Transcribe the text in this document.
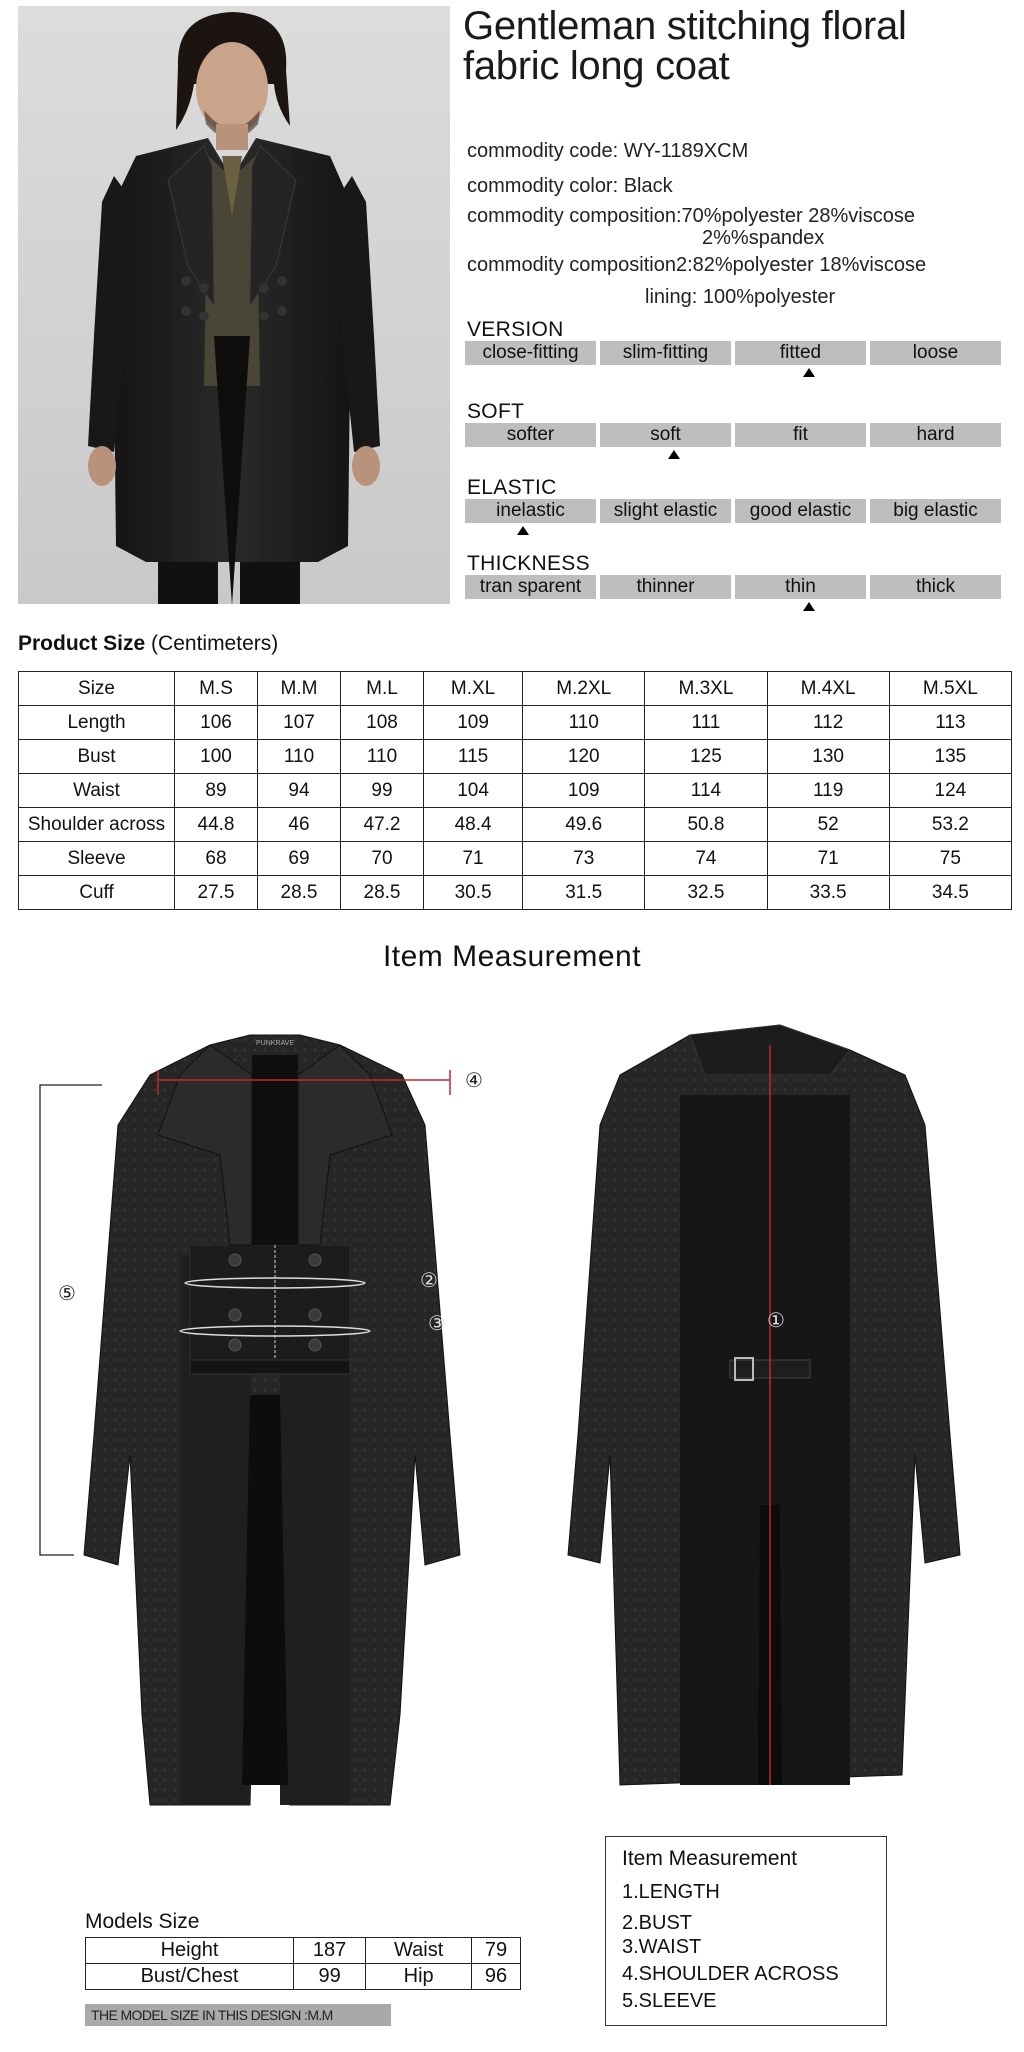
Gentleman stitching floral fabric long coat
commodity code: WY-1189XCM
commodity color: Black
commodity composition:70%polyester 28%viscose
2%%spandex
commodity composition2:82%polyester 18%viscose
lining: 100%polyester
VERSION
close-fitting	slim-fitting	fitted	loose
SOFT
softer	soft	fit	hard
ELASTIC
inelastic	slight elastic	good elastic	big elastic
THICKNESS
tran sparent	thinner	thin	thick
Product Size (Centimeters)
Size	M.S	M.M	M.L	M.XL	M.2XL	M.3XL	M.4XL	M.5XL
Length	106	107	108	109	110	111	112	113
Bust	100	110	110	115	120	125	130	135
Waist	89	94	99	104	109	114	119	124
Shoulder across	44.8	46	47.2	48.4	49.6	50.8	52	53.2
Sleeve	68	69	70	71	73	74	71	75
Cuff	27.5	28.5	28.5	30.5	31.5	32.5	33.5	34.5
Item Measurement
PUNKRAVE
④
②
③
⑤
①
Models Size
Height	187	Waist	79
Bust/Chest	99	Hip	96
THE MODEL SIZE IN THIS DESIGN :M.M
Item Measurement
1.LENGTH
2.BUST
3.WAIST
4.SHOULDER ACROSS
5.SLEEVE
